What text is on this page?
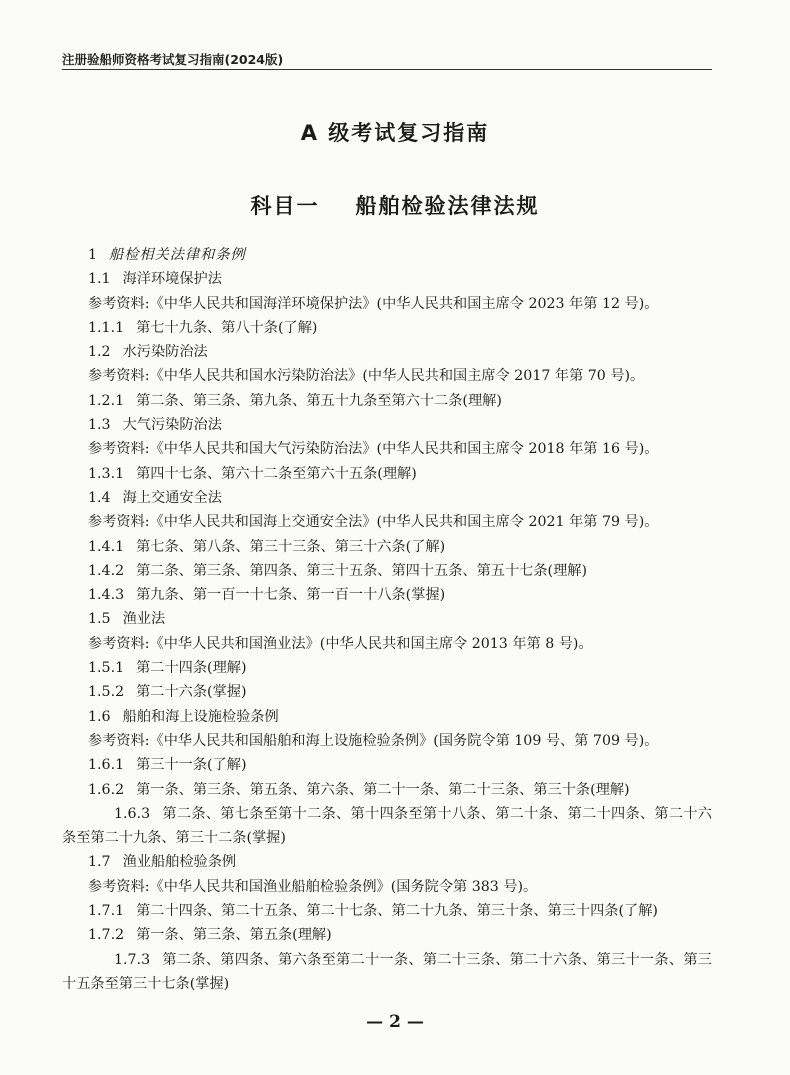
注册验船师资格考试复习指南(2024版)
A 级考试复习指南
科目一 船舶检验法律法规
1 船检相关法律和条例
1.1 海洋环境保护法
参考资料:《中华人民共和国海洋环境保护法》(中华人民共和国主席令 2023 年第 12 号)。
1.1.1 第七十九条、第八十条(了解)
1.2 水污染防治法
参考资料:《中华人民共和国水污染防治法》(中华人民共和国主席令 2017 年第 70 号)。
1.2.1 第二条、第三条、第九条、第五十九条至第六十二条(理解)
1.3 大气污染防治法
参考资料:《中华人民共和国大气污染防治法》(中华人民共和国主席令 2018 年第 16 号)。
1.3.1 第四十七条、第六十二条至第六十五条(理解)
1.4 海上交通安全法
参考资料:《中华人民共和国海上交通安全法》(中华人民共和国主席令 2021 年第 79 号)。
1.4.1 第七条、第八条、第三十三条、第三十六条(了解)
1.4.2 第二条、第三条、第四条、第三十五条、第四十五条、第五十七条(理解)
1.4.3 第九条、第一百一十七条、第一百一十八条(掌握)
1.5 渔业法
参考资料:《中华人民共和国渔业法》(中华人民共和国主席令 2013 年第 8 号)。
1.5.1 第二十四条(理解)
1.5.2 第二十六条(掌握)
1.6 船舶和海上设施检验条例
参考资料:《中华人民共和国船舶和海上设施检验条例》(国务院令第 109 号、第 709 号)。
1.6.1 第三十一条(了解)
1.6.2 第一条、第三条、第五条、第六条、第二十一条、第二十三条、第三十条(理解)
1.6.3 第二条、第七条至第十二条、第十四条至第十八条、第二十条、第二十四条、第二十六条至第二十九条、第三十二条(掌握)
1.7 渔业船舶检验条例
参考资料:《中华人民共和国渔业船舶检验条例》(国务院令第 383 号)。
1.7.1 第二十四条、第二十五条、第二十七条、第二十九条、第三十条、第三十四条(了解)
1.7.2 第一条、第三条、第五条(理解)
1.7.3 第二条、第四条、第六条至第二十一条、第二十三条、第二十六条、第三十一条、第三十五条至第三十七条(掌握)
— 2 —
